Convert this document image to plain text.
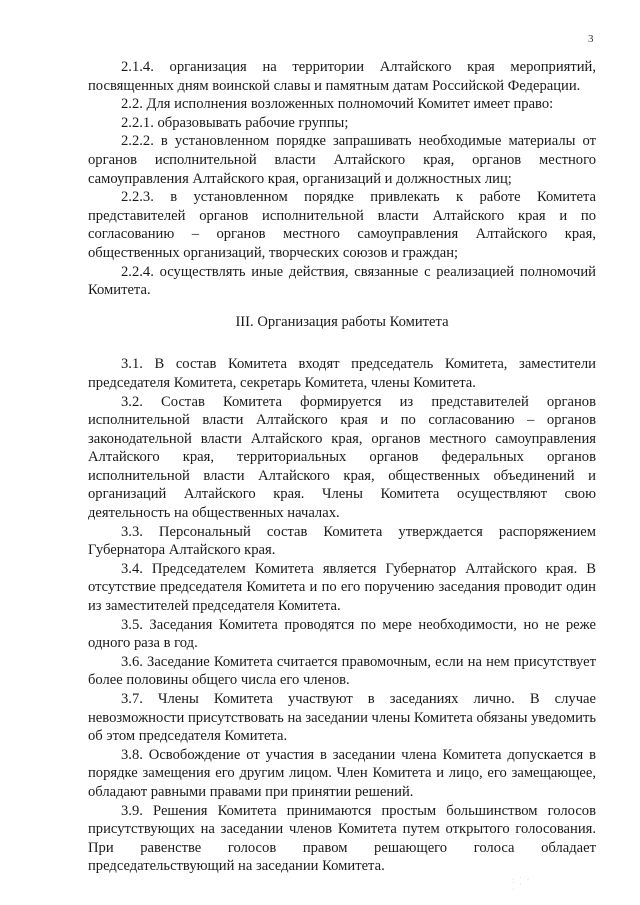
3

2.1.4. организация на территории Алтайского края мероприятий, посвященных дням воинской славы и памятным датам Российской Федерации.

2.2. Для исполнения возложенных полномочий Комитет имеет право:

2.2.1. образовывать рабочие группы;

2.2.2. в установленном порядке запрашивать необходимые материалы от органов исполнительной власти Алтайского края, органов местного самоуправления Алтайского края, организаций и должностных лиц;

2.2.3. в установленном порядке привлекать к работе Комитета представителей органов исполнительной власти Алтайского края и по согласованию – органов местного самоуправления Алтайского края, общественных организаций, творческих союзов и граждан;

2.2.4. осуществлять иные действия, связанные с реализацией полномочий Комитета.

III. Организация работы Комитета

3.1. В состав Комитета входят председатель Комитета, заместители председателя Комитета, секретарь Комитета, члены Комитета.

3.2. Состав Комитета формируется из представителей органов исполнительной власти Алтайского края и по согласованию – органов законодательной власти Алтайского края, органов местного самоуправления Алтайского края, территориальных органов федеральных органов исполнительной власти Алтайского края, общественных объединений и организаций Алтайского края. Члены Комитета осуществляют свою деятельность на общественных началах.

3.3. Персональный состав Комитета утверждается распоряжением Губернатора Алтайского края.

3.4. Председателем Комитета является Губернатор Алтайского края. В отсутствие председателя Комитета и по его поручению заседания проводит один из заместителей председателя Комитета.

3.5. Заседания Комитета проводятся по мере необходимости, но не реже одного раза в год.

3.6. Заседание Комитета считается правомочным, если на нем присутствует более половины общего числа его членов.

3.7. Члены Комитета участвуют в заседаниях лично. В случае невозможности присутствовать на заседании члены Комитета обязаны уведомить об этом председателя Комитета.

3.8. Освобождение от участия в заседании члена Комитета допускается в порядке замещения его другим лицом. Член Комитета и лицо, его замещающее, обладают равными правами при принятии решений.

3.9. Решения Комитета принимаются простым большинством голосов присутствующих на заседании членов Комитета путем открытого голосования. При равенстве голосов правом решающего голоса обладает председательствующий на заседании Комитета.

· ˙ ·
˙ ·
·
